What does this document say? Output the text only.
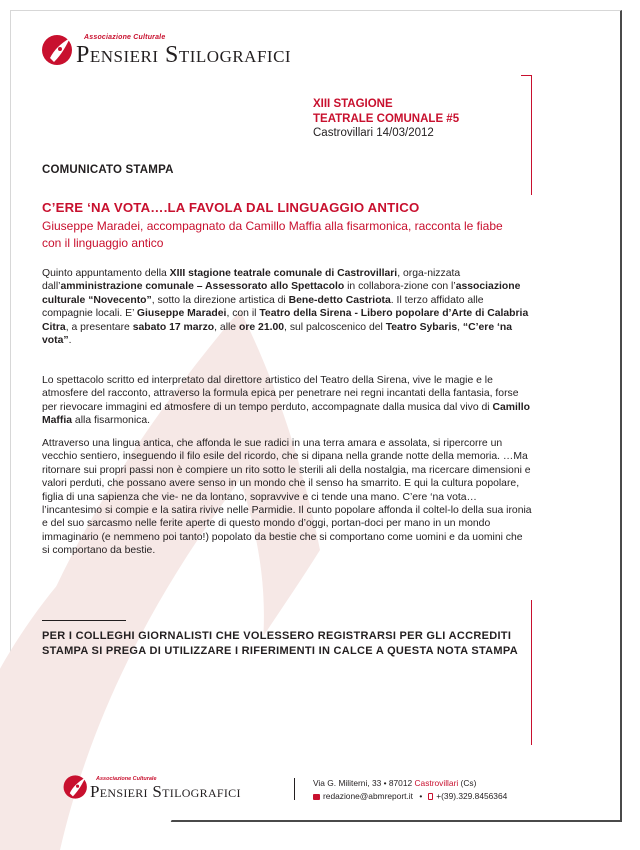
Associazione Culturale
Pensieri Stilografici
XIII STAGIONE
TEATRALE COMUNALE #5
Castrovillari 14/03/2012
COMUNICATO STAMPA
C’ERE ‘NA VOTA….LA FAVOLA DAL LINGUAGGIO ANTICO
Giuseppe Maradei, accompagnato da Camillo Maffia alla fisarmonica, racconta le fiabe con il linguaggio antico
Quinto appuntamento della XIII stagione teatrale comunale di Castrovillari, orga-nizzata dall’amministrazione comunale – Assessorato allo Spettacolo in collabora-zione con l’associazione culturale “Novecento”, sotto la direzione artistica di Bene-detto Castriota. Il terzo affidato alle compagnie locali. E’ Giuseppe Maradei, con il Teatro della Sirena - Libero popolare d’Arte di Calabria Citra, a presentare sabato 17 marzo, alle ore 21.00, sul palcoscenico del Teatro Sybaris, “C’ere ‘na vota”.
Lo spettacolo scritto ed interpretato dal direttore artistico del Teatro della Sirena, vive le magie e le atmosfere del racconto, attraverso la formula epica per penetrare nei regni incantati della fantasia, forse per rievocare immagini ed atmosfere di un tempo perduto, accompagnate dalla musica dal vivo di Camillo Maffia alla fisarmonica.
Attraverso una lingua antica, che affonda le sue radici in una terra amara e assolata, si ripercorre un vecchio sentiero, inseguendo il filo esile del ricordo, che si dipana nella grande notte della memoria. …Ma ritornare sui propri passi non è compiere un rito sotto le sterili ali della nostalgia, ma ricercare dimensioni e valori perduti, che possano avere senso in un mondo che il senso ha smarrito. E qui la cultura popolare, figlia di una sapienza che vie- ne da lontano, sopravvive e ci tende una mano. C’ere ‘na vota… l’incantesimo si compie e la satira rivive nelle Parmidie. Il cunto popolare affonda il coltel-lo della sua ironia e del suo sarcasmo nelle ferite aperte di questo mondo d’oggi, portan-doci per mano in un mondo immaginario (e nemmeno poi tanto!) popolato da bestie che si comportano come uomini e da uomini che si comportano da bestie.
PER I COLLEGHI GIORNALISTI CHE VOLESSERO REGISTRARSI PER GLI ACCREDITI STAMPA SI PREGA DI UTILIZZARE I RIFERIMENTI IN CALCE A QUESTA NOTA STAMPA
Associazione Culturale
Pensieri Stilografici	Via G. Militerni, 33 • 87012 Castrovillari (Cs)
redazione@abmreport.it • +(39).329.8456364
